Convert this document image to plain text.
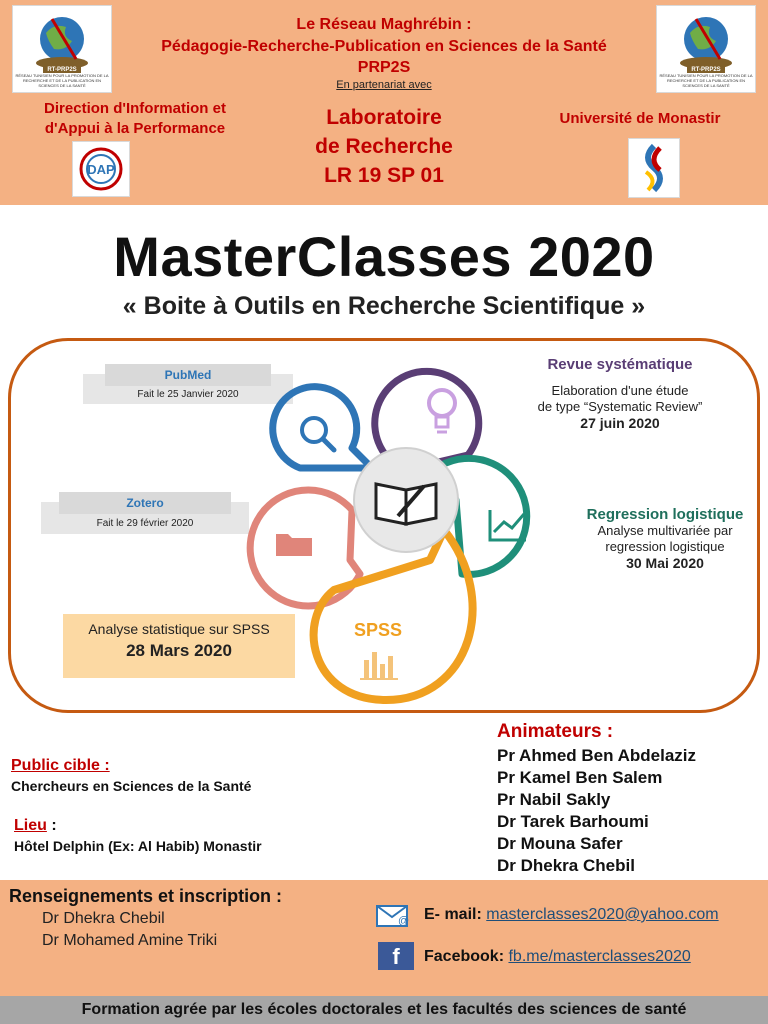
RT-PRP2S
RÉSEAU TUNISIEN POUR LA PROMOTION DE LA RECHERCHE ET DE LA PUBLICATION EN SCIENCES DE LA SANTÉ
RT-PRP2S
RÉSEAU TUNISIEN POUR LA PROMOTION DE LA RECHERCHE ET DE LA PUBLICATION EN SCIENCES DE LA SANTÉ
Le Réseau Maghrébin :
Pédagogie-Recherche-Publication en Sciences de la Santé
PRP2S
En partenariat avec
Direction d'Information et d'Appui à la Performance	Laboratoire
de Recherche
LR 19 SP 01
Université de Monastir
DAP
MasterClasses 2020
« Boite à Outils en Recherche Scientifique »
PubMed
Fait le 25 Janvier 2020
Zotero
Fait le 29 février 2020
Analyse statistique sur SPSS
28 Mars 2020
Revue systématique
Elaboration d'une étude
de type “Systematic Review”
27 juin 2020
Regression logistique
Analyse multivariée par
regression logistique
30 Mai 2020
SPSS
Animateurs :
Pr Ahmed Ben Abdelaziz
Pr Kamel Ben Salem
Pr Nabil Sakly
Dr Tarek Barhoumi
Dr Mouna Safer
Dr Dhekra Chebil
Public cible :
Chercheurs en Sciences de la Santé
Lieu :
Hôtel Delphin (Ex: Al Habib) Monastir
Renseignements et inscription :
Dr Dhekra Chebil
Dr Mohamed Amine Triki
@ E- mail: masterclasses2020@yahoo.com
f	Facebook: fb.me/masterclasses2020
Formation agrée par les écoles doctorales et les facultés des sciences de santé
